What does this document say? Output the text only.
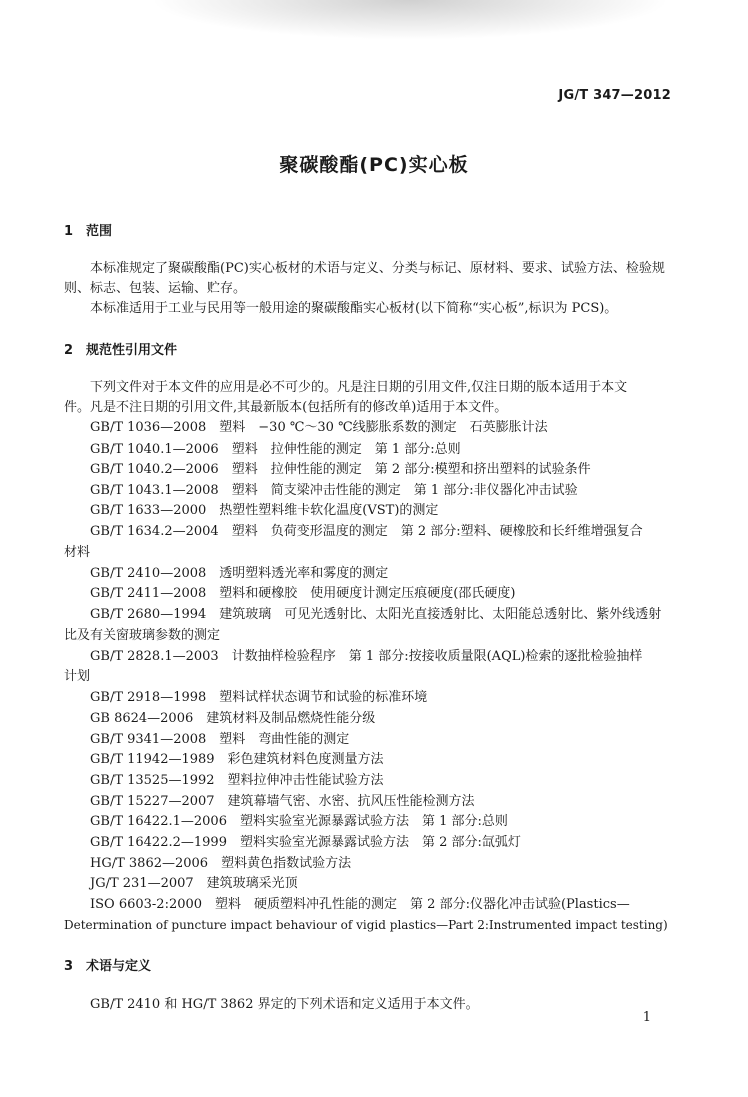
JG/T 347—2012
聚碳酸酯(PC)实心板
1 范围
本标准规定了聚碳酸酯(PC)实心板材的术语与定义、分类与标记、原材料、要求、试验方法、检验规
则、标志、包装、运输、贮存。
本标准适用于工业与民用等一般用途的聚碳酸酯实心板材(以下简称“实心板”,标识为 PCS)。
2 规范性引用文件
下列文件对于本文件的应用是必不可少的。凡是注日期的引用文件,仅注日期的版本适用于本文
件。凡是不注日期的引用文件,其最新版本(包括所有的修改单)适用于本文件。
GB/T 1036—2008　塑料　−30 ℃～30 ℃线膨胀系数的测定　石英膨胀计法
GB/T 1040.1—2006　塑料　拉伸性能的测定　第 1 部分:总则
GB/T 1040.2—2006　塑料　拉伸性能的测定　第 2 部分:模塑和挤出塑料的试验条件
GB/T 1043.1—2008　塑料　简支梁冲击性能的测定　第 1 部分:非仪器化冲击试验
GB/T 1633—2000　热塑性塑料维卡软化温度(VST)的测定
GB/T 1634.2—2004　塑料　负荷变形温度的测定　第 2 部分:塑料、硬橡胶和长纤维增强复合
材料
GB/T 2410—2008　透明塑料透光率和雾度的测定
GB/T 2411—2008　塑料和硬橡胶　使用硬度计测定压痕硬度(邵氏硬度)
GB/T 2680—1994　建筑玻璃　可见光透射比、太阳光直接透射比、太阳能总透射比、紫外线透射
比及有关窗玻璃参数的测定
GB/T 2828.1—2003　计数抽样检验程序　第 1 部分:按接收质量限(AQL)检索的逐批检验抽样
计划
GB/T 2918—1998　塑料试样状态调节和试验的标准环境
GB 8624—2006　建筑材料及制品燃烧性能分级
GB/T 9341—2008　塑料　弯曲性能的测定
GB/T 11942—1989　彩色建筑材料色度测量方法
GB/T 13525—1992　塑料拉伸冲击性能试验方法
GB/T 15227—2007　建筑幕墙气密、水密、抗风压性能检测方法
GB/T 16422.1—2006　塑料实验室光源暴露试验方法　第 1 部分:总则
GB/T 16422.2—1999　塑料实验室光源暴露试验方法　第 2 部分:氙弧灯
HG/T 3862—2006　塑料黄色指数试验方法
JG/T 231—2007　建筑玻璃采光顶
ISO 6603-2:2000　塑料　硬质塑料冲孔性能的测定　第 2 部分:仪器化冲击试验(Plastics—
Determination of puncture impact behaviour of vigid plastics—Part 2:Instrumented impact testing)
3 术语与定义
GB/T 2410 和 HG/T 3862 界定的下列术语和定义适用于本文件。
1
